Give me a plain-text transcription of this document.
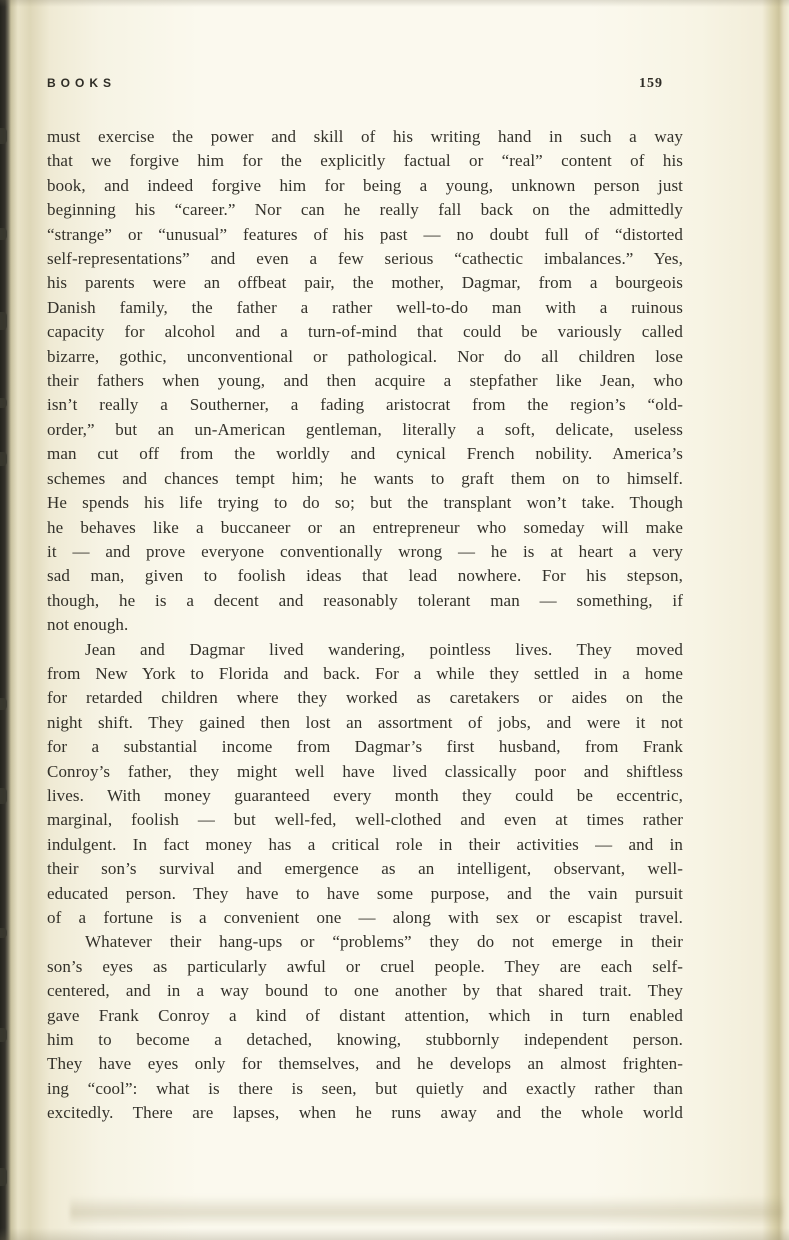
BOOKS	159
must exercise the power and skill of his writing hand in such a way
that we forgive him for the explicitly factual or “real” content of his
book, and indeed forgive him for being a young, unknown person just
beginning his “career.” Nor can he really fall back on the admittedly
“strange” or “unusual” features of his past — no doubt full of “distorted
self-representations” and even a few serious “cathectic imbalances.” Yes,
his parents were an offbeat pair, the mother, Dagmar, from a bourgeois
Danish family, the father a rather well-to-do man with a ruinous
capacity for alcohol and a turn-of-mind that could be variously called
bizarre, gothic, unconventional or pathological. Nor do all children lose
their fathers when young, and then acquire a stepfather like Jean, who
isn’t really a Southerner, a fading aristocrat from the region’s “old-
order,” but an un-American gentleman, literally a soft, delicate, useless
man cut off from the worldly and cynical French nobility. America’s
schemes and chances tempt him; he wants to graft them on to himself.
He spends his life trying to do so; but the transplant won’t take. Though
he behaves like a buccaneer or an entrepreneur who someday will make
it — and prove everyone conventionally wrong — he is at heart a very
sad man, given to foolish ideas that lead nowhere. For his stepson,
though, he is a decent and reasonably tolerant man — something, if
not enough.
Jean and Dagmar lived wandering, pointless lives. They moved
from New York to Florida and back. For a while they settled in a home
for retarded children where they worked as caretakers or aides on the
night shift. They gained then lost an assortment of jobs, and were it not
for a substantial income from Dagmar’s first husband, from Frank
Conroy’s father, they might well have lived classically poor and shiftless
lives. With money guaranteed every month they could be eccentric,
marginal, foolish — but well-fed, well-clothed and even at times rather
indulgent. In fact money has a critical role in their activities — and in
their son’s survival and emergence as an intelligent, observant, well-
educated person. They have to have some purpose, and the vain pursuit
of a fortune is a convenient one — along with sex or escapist travel.
Whatever their hang-ups or “problems” they do not emerge in their
son’s eyes as particularly awful or cruel people. They are each self-
centered, and in a way bound to one another by that shared trait. They
gave Frank Conroy a kind of distant attention, which in turn enabled
him to become a detached, knowing, stubbornly independent person.
They have eyes only for themselves, and he develops an almost frighten-
ing “cool”: what is there is seen, but quietly and exactly rather than
excitedly. There are lapses, when he runs away and the whole world
